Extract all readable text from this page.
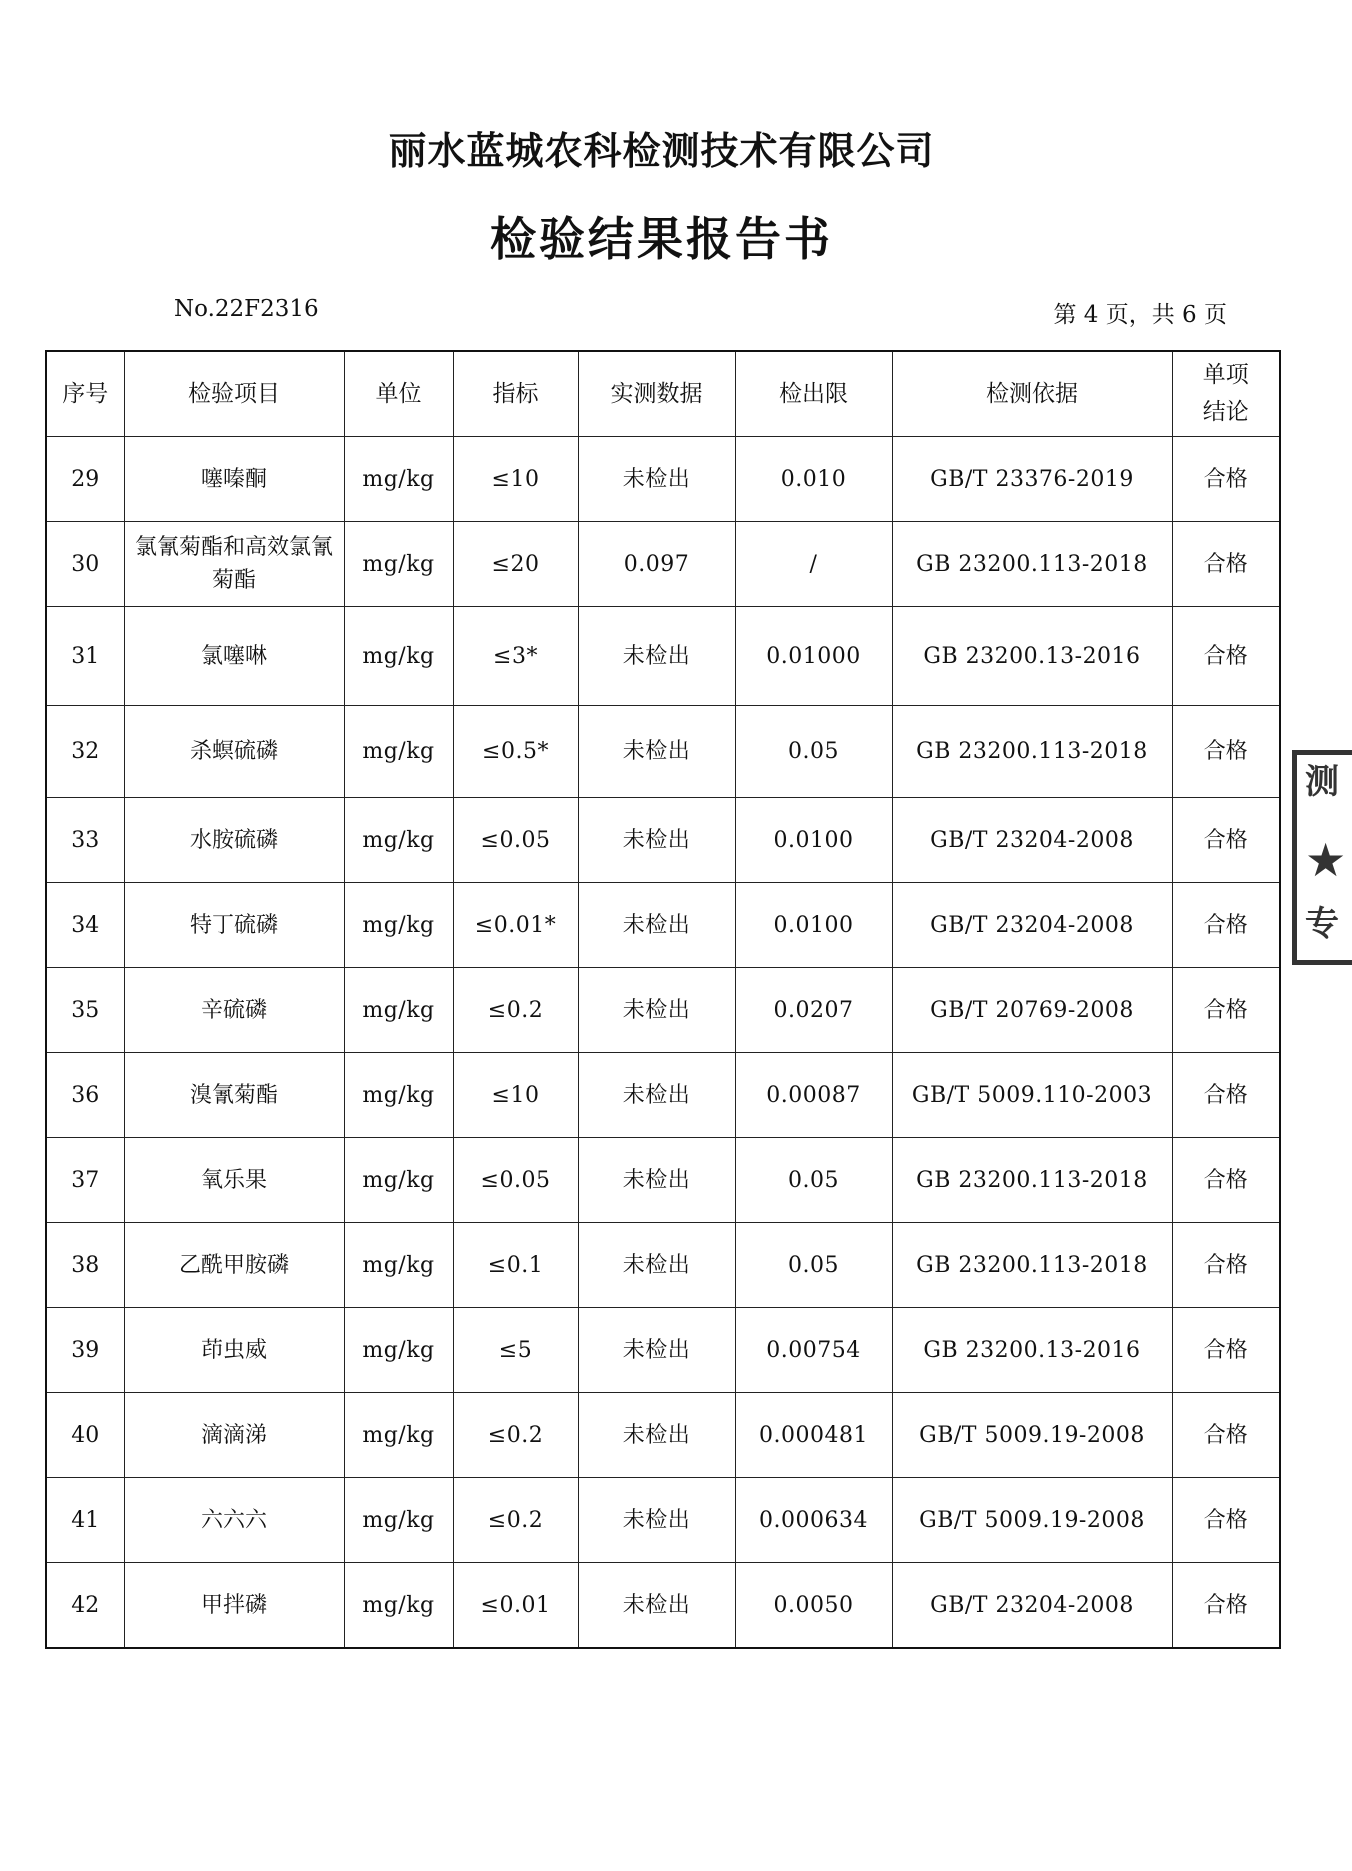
丽水蓝城农科检测技术有限公司
检验结果报告书
No.22F2316	第 4 页，共 6 页
序号	检验项目	单位	指标	实测数据	检出限	检测依据	单项
结论
29	噻嗪酮	mg/kg	≤10	未检出	0.010	GB/T 23376-2019	合格
30	氯氰菊酯和高效氯氰菊酯	mg/kg	≤20	0.097	/	GB 23200.113-2018	合格
31	氯噻啉	mg/kg	≤3*	未检出	0.01000	GB 23200.13-2016	合格
32	杀螟硫磷	mg/kg	≤0.5*	未检出	0.05	GB 23200.113-2018	合格
33	水胺硫磷	mg/kg	≤0.05	未检出	0.0100	GB/T 23204-2008	合格
34	特丁硫磷	mg/kg	≤0.01*	未检出	0.0100	GB/T 23204-2008	合格
35	辛硫磷	mg/kg	≤0.2	未检出	0.0207	GB/T 20769-2008	合格
36	溴氰菊酯	mg/kg	≤10	未检出	0.00087	GB/T 5009.110-2003	合格
37	氧乐果	mg/kg	≤0.05	未检出	0.05	GB 23200.113-2018	合格
38	乙酰甲胺磷	mg/kg	≤0.1	未检出	0.05	GB 23200.113-2018	合格
39	茚虫威	mg/kg	≤5	未检出	0.00754	GB 23200.13-2016	合格
40	滴滴涕	mg/kg	≤0.2	未检出	0.000481	GB/T 5009.19-2008	合格
41	六六六	mg/kg	≤0.2	未检出	0.000634	GB/T 5009.19-2008	合格
42	甲拌磷	mg/kg	≤0.01	未检出	0.0050	GB/T 23204-2008	合格
测
★
专
